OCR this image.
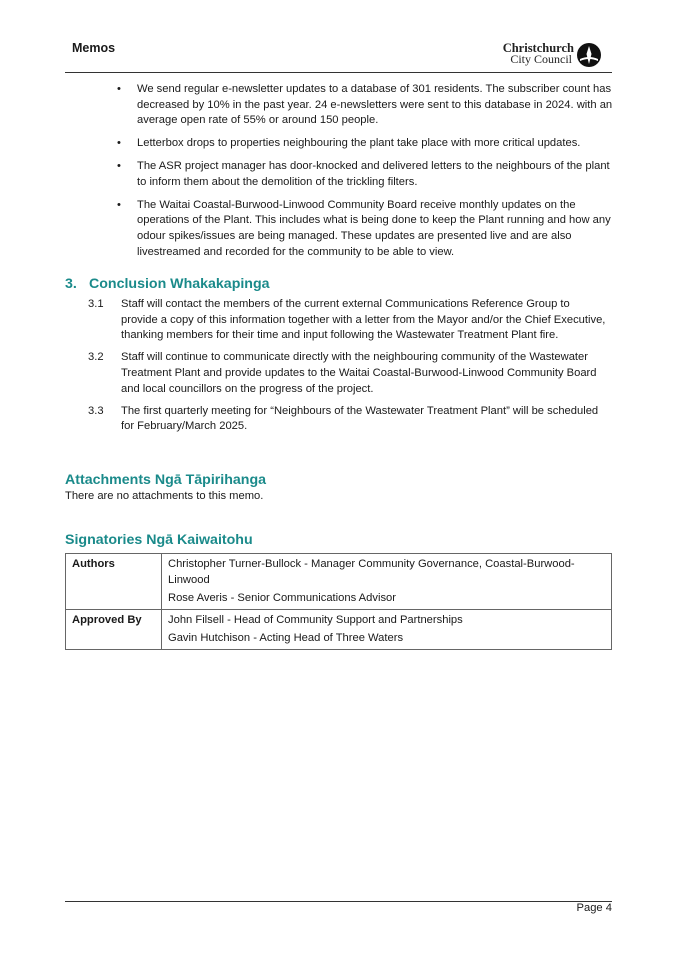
Memos	Christchurch
City Council
• We send regular e-newsletter updates to a database of 301 residents. The subscriber count has decreased by 10% in the past year. 24 e-newsletters were sent to this database in 2024. with an average open rate of 55% or around 150 people.
• Letterbox drops to properties neighbouring the plant take place with more critical updates.
• The ASR project manager has door-knocked and delivered letters to the neighbours of the plant to inform them about the demolition of the trickling filters.
• The Waitai Coastal-Burwood-Linwood Community Board receive monthly updates on the operations of the Plant. This includes what is being done to keep the Plant running and how any odour spikes/issues are being managed. These updates are presented live and are also livestreamed and recorded for the community to be able to view.
3. Conclusion Whakakapinga
3.1 Staff will contact the members of the current external Communications Reference Group to provide a copy of this information together with a letter from the Mayor and/or the Chief Executive, thanking members for their time and input following the Wastewater Treatment Plant fire.
3.2 Staff will continue to communicate directly with the neighbouring community of the Wastewater Treatment Plant and provide updates to the Waitai Coastal-Burwood-Linwood Community Board and local councillors on the progress of the project.
3.3 The first quarterly meeting for “Neighbours of the Wastewater Treatment Plant” will be scheduled for February/March 2025.
Attachments Ngā Tāpirihanga
There are no attachments to this memo.
Signatories Ngā Kaiwaitohu
Authors	Christopher Turner-Bullock - Manager Community Governance, Coastal-Burwood-Linwood
Rose Averis - Senior Communications Advisor

Approved By	John Filsell - Head of Community Support and Partnerships
Gavin Hutchison - Acting Head of Three Waters
Page 4
